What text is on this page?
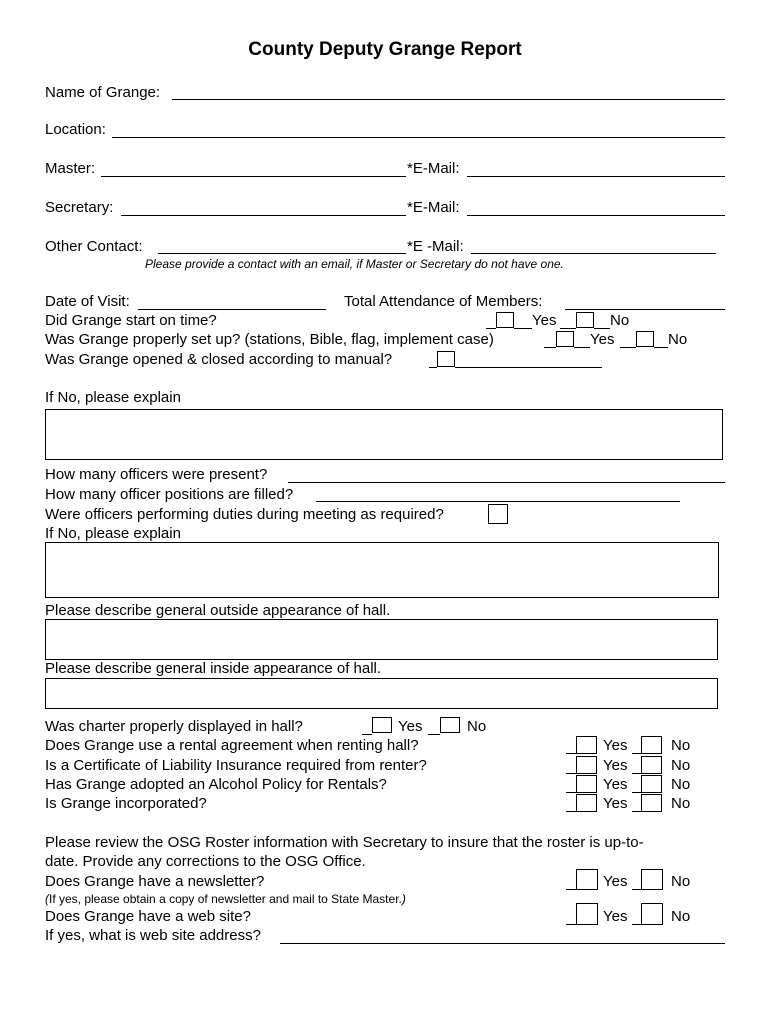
County Deputy Grange Report
Name of Grange:
Location:
Master:	*E-Mail:
Secretary:	*E-Mail:
Other Contact:	*E -Mail:
Please provide a contact with an email, if Master or Secretary do not have one.
Date of Visit:	Total Attendance of Members:
Did Grange start on time?	Yes	No
Was Grange properly set up? (stations, Bible, flag, implement case)	Yes	No
Was Grange opened & closed according to manual?
If No, please explain
How many officers were present?
How many officer positions are filled?
Were officers performing duties during meeting as required?
If No, please explain
Please describe general outside appearance of hall.
Please describe general inside appearance of hall.
Was charter properly displayed in hall?	Yes	No
Does Grange use a rental agreement when renting hall?	Yes	No
Is a Certificate of Liability Insurance required from renter?	Yes	No
Has Grange adopted an Alcohol Policy for Rentals?	Yes	No
Is Grange incorporated?	Yes	No
Please review the OSG Roster information with Secretary to insure that the roster is up-to-
date. Provide any corrections to the OSG Office.
Does Grange have a newsletter?	Yes	No
(If yes, please obtain a copy of newsletter and mail to State Master.)
Does Grange have a web site?	Yes	No
If yes, what is web site address?
